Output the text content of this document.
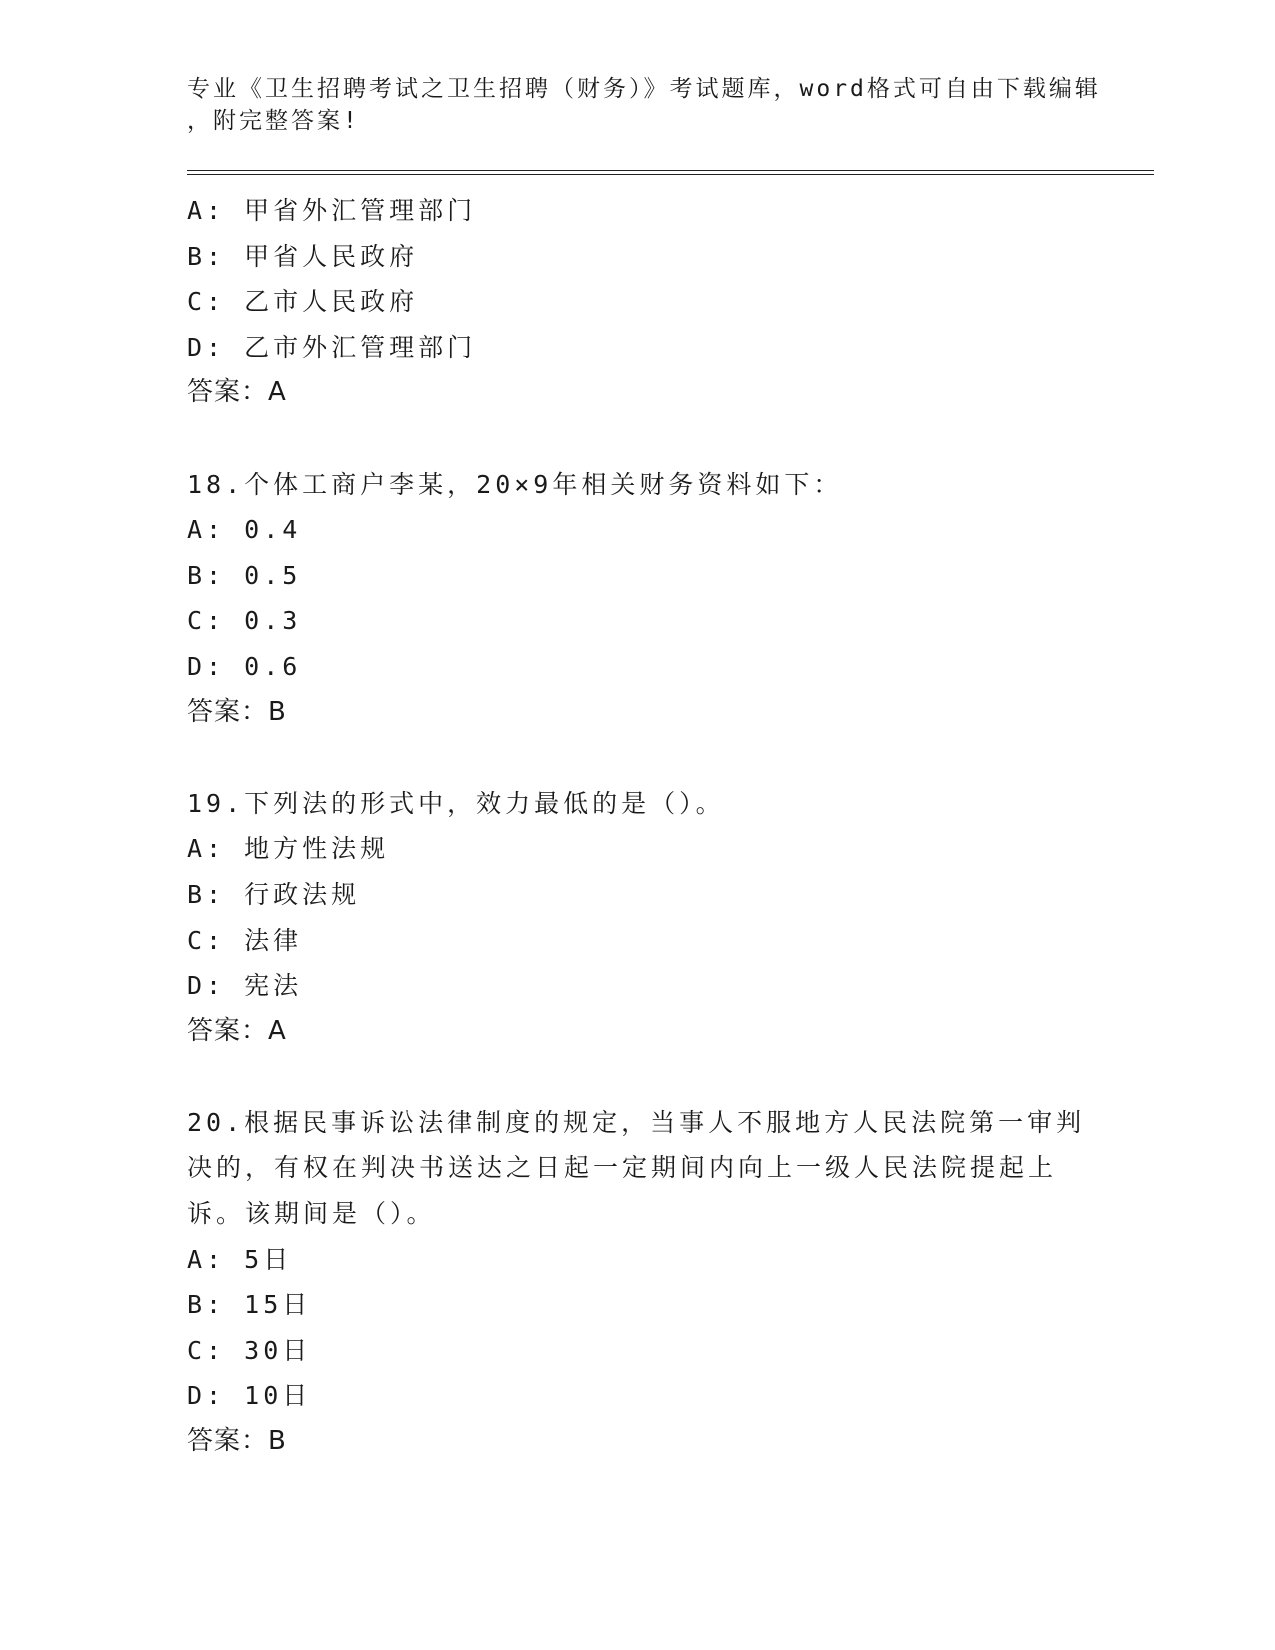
专业《卫生招聘考试之卫生招聘（财务）》考试题库，word格式可自由下载编辑
，附完整答案!
A: 甲省外汇管理部门
B: 甲省人民政府
C: 乙市人民政府
D: 乙市外汇管理部门
答案：A
18.个体工商户李某，20×9年相关财务资料如下：
A: 0.4
B: 0.5
C: 0.3
D: 0.6
答案：B
19.下列法的形式中，效力最低的是（）。
A: 地方性法规
B: 行政法规
C: 法律
D: 宪法
答案：A
20.根据民事诉讼法律制度的规定，当事人不服地方人民法院第一审判
决的，有权在判决书送达之日起一定期间内向上一级人民法院提起上
诉。该期间是（）。
A: 5日
B: 15日
C: 30日
D: 10日
答案：B
